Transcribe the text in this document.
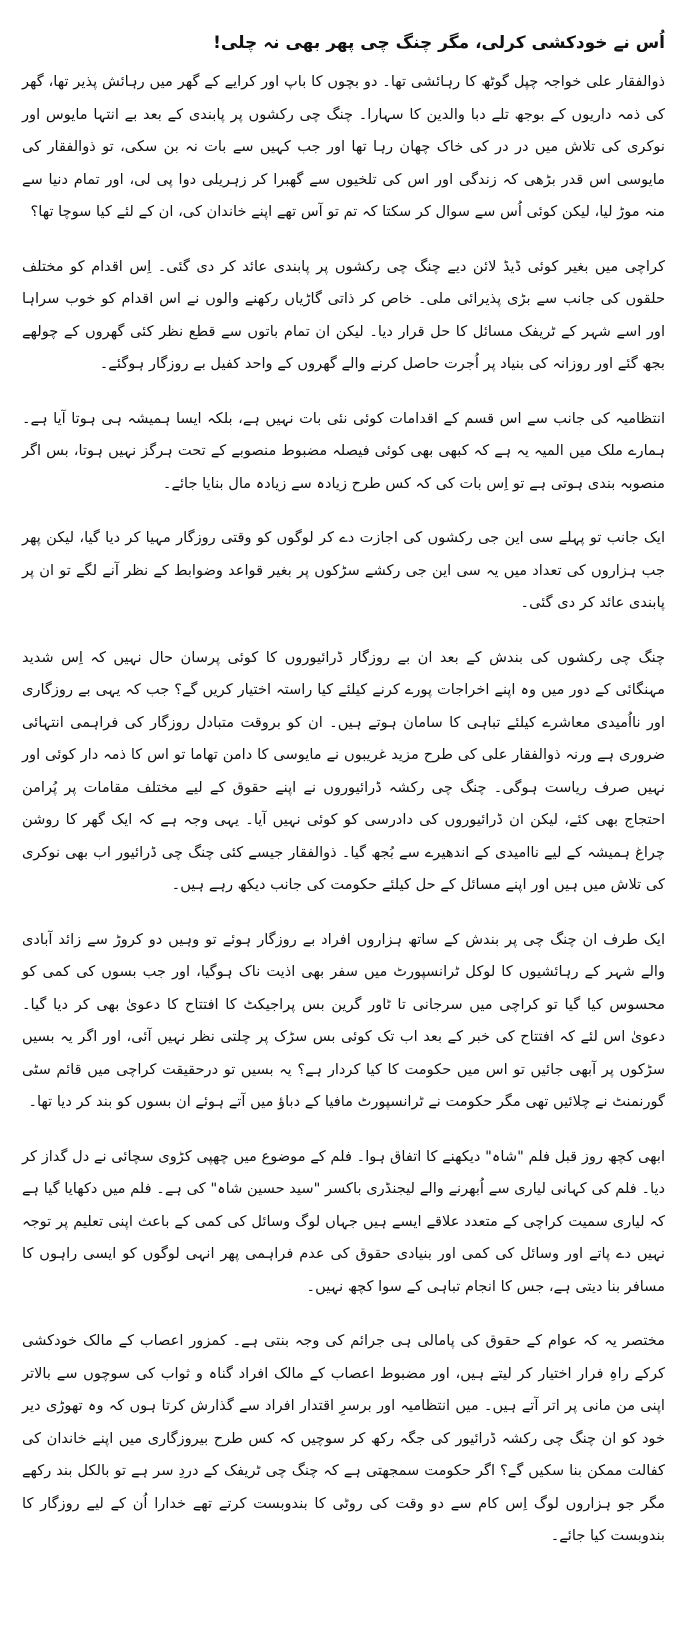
اُس نے خودکشی کرلی، مگر چنگ چی پھر بھی نہ چلی!

ذوالفقار علی خواجہ چپل گوٹھ کا رہائشی تھا۔ دو بچوں کا باپ اور کرایے کے گھر میں رہائش پذیر تھا، گھر کی ذمہ داریوں کے بوجھ تلے دبا والدین کا سہارا۔ چنگ چی رکشوں پر پابندی کے بعد بے انتہا مایوس اور نوکری کی تلاش میں در در کی خاک چھان رہا تھا اور جب کہیں سے بات نہ بن سکی، تو ذوالفقار کی مایوسی اس قدر بڑھی کہ زندگی اور اس کی تلخیوں سے گھبرا کر زہریلی دوا پی لی، اور تمام دنیا سے منہ موڑ لیا، لیکن کوئی اُس سے سوال کر سکتا کہ تم تو آس تھے اپنے خاندان کی، ان کے لئے کیا سوچا تھا؟

کراچی میں بغیر کوئی ڈیڈ لائن دیے چنگ چی رکشوں پر پابندی عائد کر دی گئی۔ اِس اقدام کو مختلف حلقوں کی جانب سے بڑی پذیرائی ملی۔ خاص کر ذاتی گاڑیاں رکھنے والوں نے اس اقدام کو خوب سراہا اور اسے شہر کے ٹریفک مسائل کا حل قرار دیا۔ لیکن ان تمام باتوں سے قطع نظر کئی گھروں کے چولھے بجھ گئے اور روزانہ کی بنیاد پر اُجرت حاصل کرنے والے گھروں کے واحد کفیل بے روزگار ہوگئے۔

انتظامیہ کی جانب سے اس قسم کے اقدامات کوئی نئی بات نہیں ہے، بلکہ ایسا ہمیشہ ہی ہوتا آیا ہے۔ ہمارے ملک میں المیہ یہ ہے کہ کبھی بھی کوئی فیصلہ مضبوط منصوبے کے تحت ہرگز نہیں ہوتا، بس اگر منصوبہ بندی ہوتی ہے تو اِس بات کی کہ کس طرح زیادہ سے زیادہ مال بنایا جائے۔

ایک جانب تو پہلے سی این جی رکشوں کی اجازت دے کر لوگوں کو وقتی روزگار مہیا کر دیا گیا، لیکن پھر جب ہزاروں کی تعداد میں یہ سی این جی رکشے سڑکوں پر بغیر قواعد وضوابط کے نظر آنے لگے تو ان پر پابندی عائد کر دی گئی۔

چنگ چی رکشوں کی بندش کے بعد ان بے روزگار ڈرائیوروں کا کوئی پرسان حال نہیں کہ اِس شدید مہنگائی کے دور میں وہ اپنے اخراجات پورے کرنے کیلئے کیا راستہ اختیار کریں گے؟ جب کہ یہی بے روزگاری اور نااُمیدی معاشرے کیلئے تباہی کا سامان ہوتے ہیں۔ ان کو بروقت متبادل روزگار کی فراہمی انتہائی ضروری ہے ورنہ ذوالفقار علی کی طرح مزید غریبوں نے مایوسی کا دامن تھاما تو اس کا ذمہ دار کوئی اور نہیں صرف ریاست ہوگی۔ چنگ چی رکشہ ڈرائیوروں نے اپنے حقوق کے لیے مختلف مقامات پر پُرامن احتجاج بھی کئے، لیکن ان ڈرائیوروں کی دادرسی کو کوئی نہیں آیا۔ یہی وجہ ہے کہ ایک گھر کا روشن چراغ ہمیشہ کے لیے ناامیدی کے اندھیرے سے بُجھ گیا۔ ذوالفقار جیسے کئی چنگ چی ڈرائیور اب بھی نوکری کی تلاش میں ہیں اور اپنے مسائل کے حل کیلئے حکومت کی جانب دیکھ رہے ہیں۔

ایک طرف ان چنگ چی پر بندش کے ساتھ ہزاروں افراد بے روزگار ہوئے تو وہیں دو کروڑ سے زائد آبادی والے شہر کے رہائشیوں کا لوکل ٹرانسپورٹ میں سفر بھی اذیت ناک ہوگیا، اور جب بسوں کی کمی کو محسوس کیا گیا تو کراچی میں سرجانی تا ٹاور گرین بس پراجیکٹ کا افتتاح کا دعویٰ بھی کر دیا گیا۔ دعویٰ اس لئے کہ افتتاح کی خبر کے بعد اب تک کوئی بس سڑک پر چلتی نظر نہیں آئی، اور اگر یہ بسیں سڑکوں پر آبھی جائیں تو اس میں حکومت کا کیا کردار ہے؟ یہ بسیں تو درحقیقت کراچی میں قائم سٹی گورنمنٹ نے چلائیں تھی مگر حکومت نے ٹرانسپورٹ مافیا کے دباؤ میں آتے ہوئے ان بسوں کو بند کر دیا تھا۔

ابھی کچھ روز قبل فلم "شاہ" دیکھنے کا اتفاق ہوا۔ فلم کے موضوع میں چھپی کڑوی سچائی نے دل گداز کر دیا۔ فلم کی کہانی لیاری سے اُبھرنے والے لیجنڈری باکسر "سید حسین شاہ" کی ہے۔ فلم میں دکھایا گیا ہے کہ لیاری سمیت کراچی کے متعدد علاقے ایسے ہیں جہاں لوگ وسائل کی کمی کے باعث اپنی تعلیم پر توجہ نہیں دے پاتے اور وسائل کی کمی اور بنیادی حقوق کی عدم فراہمی پھر انہی لوگوں کو ایسی راہوں کا مسافر بنا دیتی ہے، جس کا انجام تباہی کے سوا کچھ نہیں۔

مختصر یہ کہ عوام کے حقوق کی پامالی ہی جرائم کی وجہ بنتی ہے۔ کمزور اعصاب کے مالک خودکشی کرکے راہِ فرار اختیار کر لیتے ہیں، اور مضبوط اعصاب کے مالک افراد گناہ و ثواب کی سوچوں سے بالاتر اپنی من مانی پر اتر آتے ہیں۔ میں انتظامیہ اور برسرِ اقتدار افراد سے گذارش کرتا ہوں کہ وہ تھوڑی دیر خود کو ان چنگ چی رکشہ ڈرائیور کی جگہ رکھ کر سوچیں کہ کس طرح بیروزگاری میں اپنے خاندان کی کفالت ممکن بنا سکیں گے؟ اگر حکومت سمجھتی ہے کہ چنگ چی ٹریفک کے دردِ سر ہے تو بالکل بند رکھے مگر جو ہزاروں لوگ اِس کام سے دو وقت کی روٹی کا بندوبست کرتے تھے خدارا اُن کے لیے روزگار کا بندوبست کیا جائے۔
